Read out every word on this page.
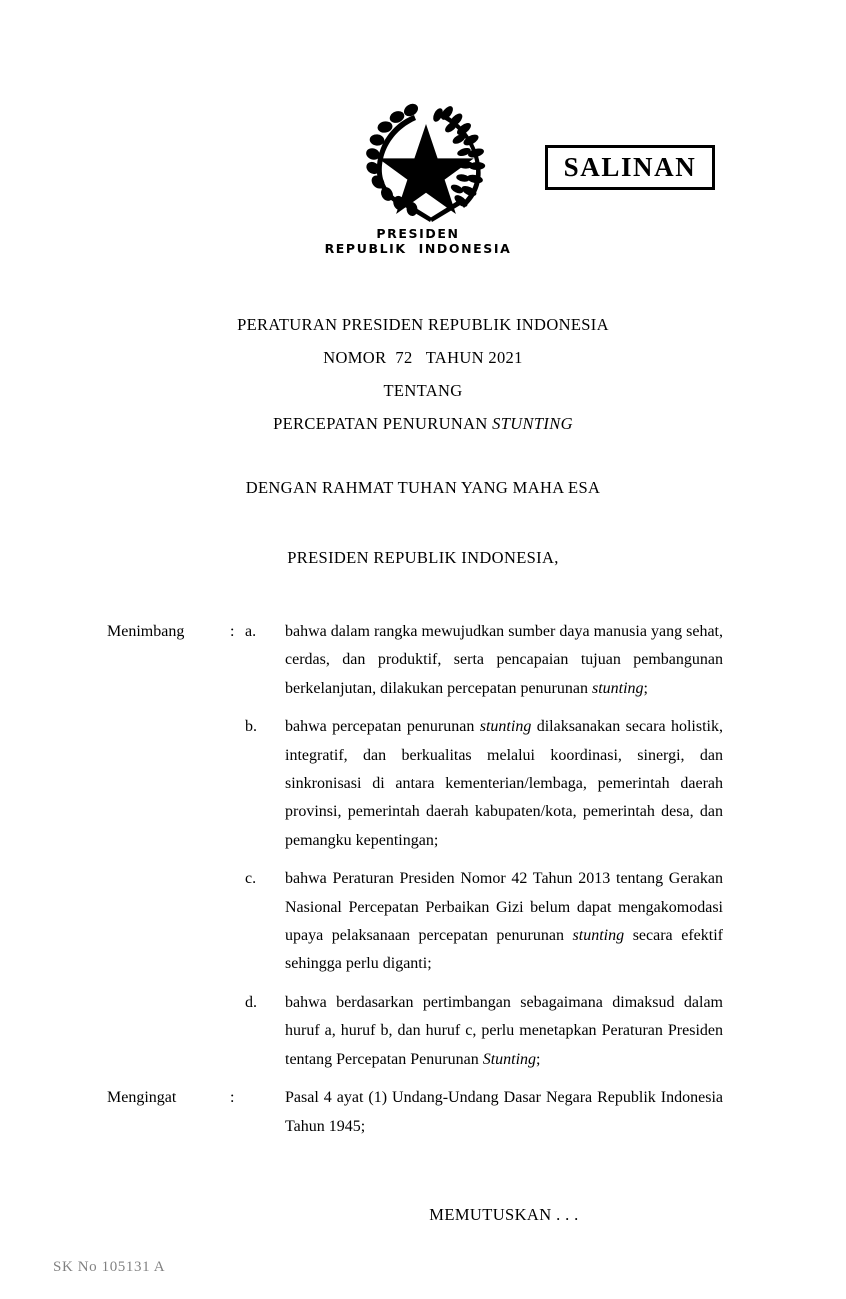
PRESIDEN
REPUBLIK  INDONESIA
SALINAN
PERATURAN PRESIDEN REPUBLIK INDONESIA
NOMOR  72   TAHUN 2021
TENTANG
PERCEPATAN PENURUNAN STUNTING
DENGAN RAHMAT TUHAN YANG MAHA ESA
PRESIDEN REPUBLIK INDONESIA,
Menimbang	: a.	bahwa dalam rangka mewujudkan sumber daya manusia yang sehat, cerdas, dan produktif, serta pencapaian tujuan pembangunan berkelanjutan, dilakukan percepatan penurunan stunting;

b.	bahwa percepatan penurunan stunting dilaksanakan secara holistik, integratif, dan berkualitas melalui koordinasi, sinergi, dan sinkronisasi di antara kementerian/lembaga, pemerintah daerah provinsi, pemerintah daerah kabupaten/kota, pemerintah desa, dan pemangku kepentingan;

c.	bahwa Peraturan Presiden Nomor 42 Tahun 2013 tentang Gerakan Nasional Percepatan Perbaikan Gizi belum dapat mengakomodasi upaya pelaksanaan percepatan penurunan stunting secara efektif sehingga perlu diganti;

d.	bahwa berdasarkan pertimbangan sebagaimana dimaksud dalam huruf a, huruf b, dan huruf c, perlu menetapkan Peraturan Presiden tentang Percepatan Penurunan Stunting;

Mengingat	:	Pasal 4 ayat (1) Undang-Undang Dasar Negara Republik Indonesia Tahun 1945;

MEMUTUSKAN . . .
SK No 105131 A
